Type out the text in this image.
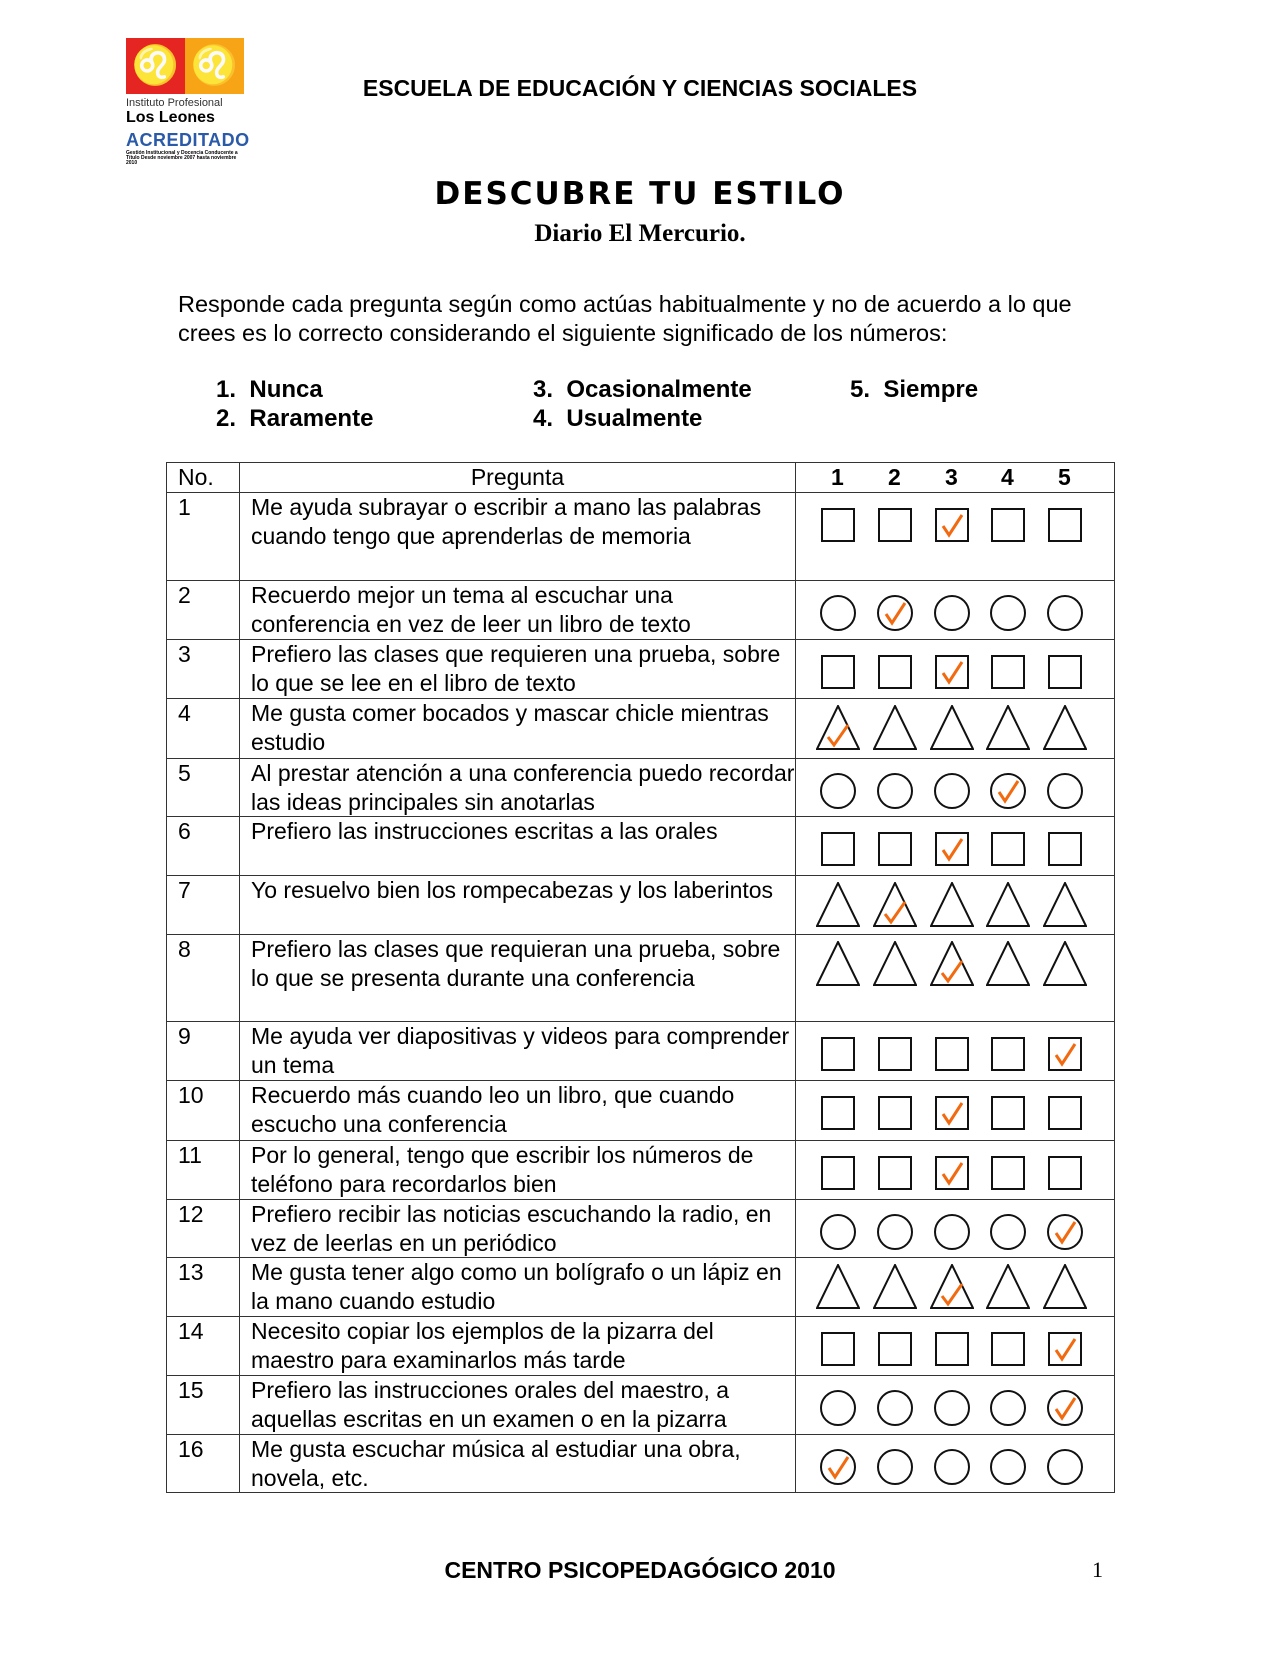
♌ ♌
Instituto Profesional
Los Leones
ACREDITADO
Gestión Institucional y Docencia Conducente a Título Desde noviembre 2007 hasta noviembre 2010
ESCUELA DE EDUCACIÓN Y CIENCIAS SOCIALES
DESCUBRE TU ESTILO
Diario El Mercurio.
Responde cada pregunta según como actúas habitualmente y no de acuerdo a lo que crees es lo correcto considerando el siguiente significado de los números:
1. Nunca
2. Raramente
3. Ocasionalmente
4. Usualmente
5. Siempre
No.	Pregunta	1 2 3 4 5

1	Me ayuda subrayar o escribir a mano las palabras cuando tengo que aprenderlas de memoria	

2	Recuerdo mejor un tema al escuchar una conferencia en vez de leer un libro de texto	

3	Prefiero las clases que requieren una prueba, sobre lo que se lee en el libro de texto	

4	Me gusta comer bocados y mascar chicle mientras estudio	

5	Al prestar atención a una conferencia puedo recordar las ideas principales sin anotarlas	

6	Prefiero las instrucciones escritas a las orales	

7	Yo resuelvo bien los rompecabezas y los laberintos	

8	Prefiero las clases que requieran una prueba, sobre lo que se presenta durante una conferencia	

9	Me ayuda ver diapositivas y videos para comprender un tema	

10	Recuerdo más cuando leo un libro, que cuando escucho una conferencia	

11	Por lo general, tengo que escribir los números de teléfono para recordarlos bien	

12	Prefiero recibir las noticias escuchando la radio, en vez de leerlas en un periódico	

13	Me gusta tener algo como un bolígrafo o un lápiz en la mano cuando estudio	

14	Necesito copiar los ejemplos de la pizarra del maestro para examinarlos más tarde	

15	Prefiero las instrucciones orales del maestro, a aquellas escritas en un examen o en la pizarra	

16	Me gusta escuchar música al estudiar una obra, novela, etc.	
CENTRO PSICOPEDAGÓGICO 2010	1
